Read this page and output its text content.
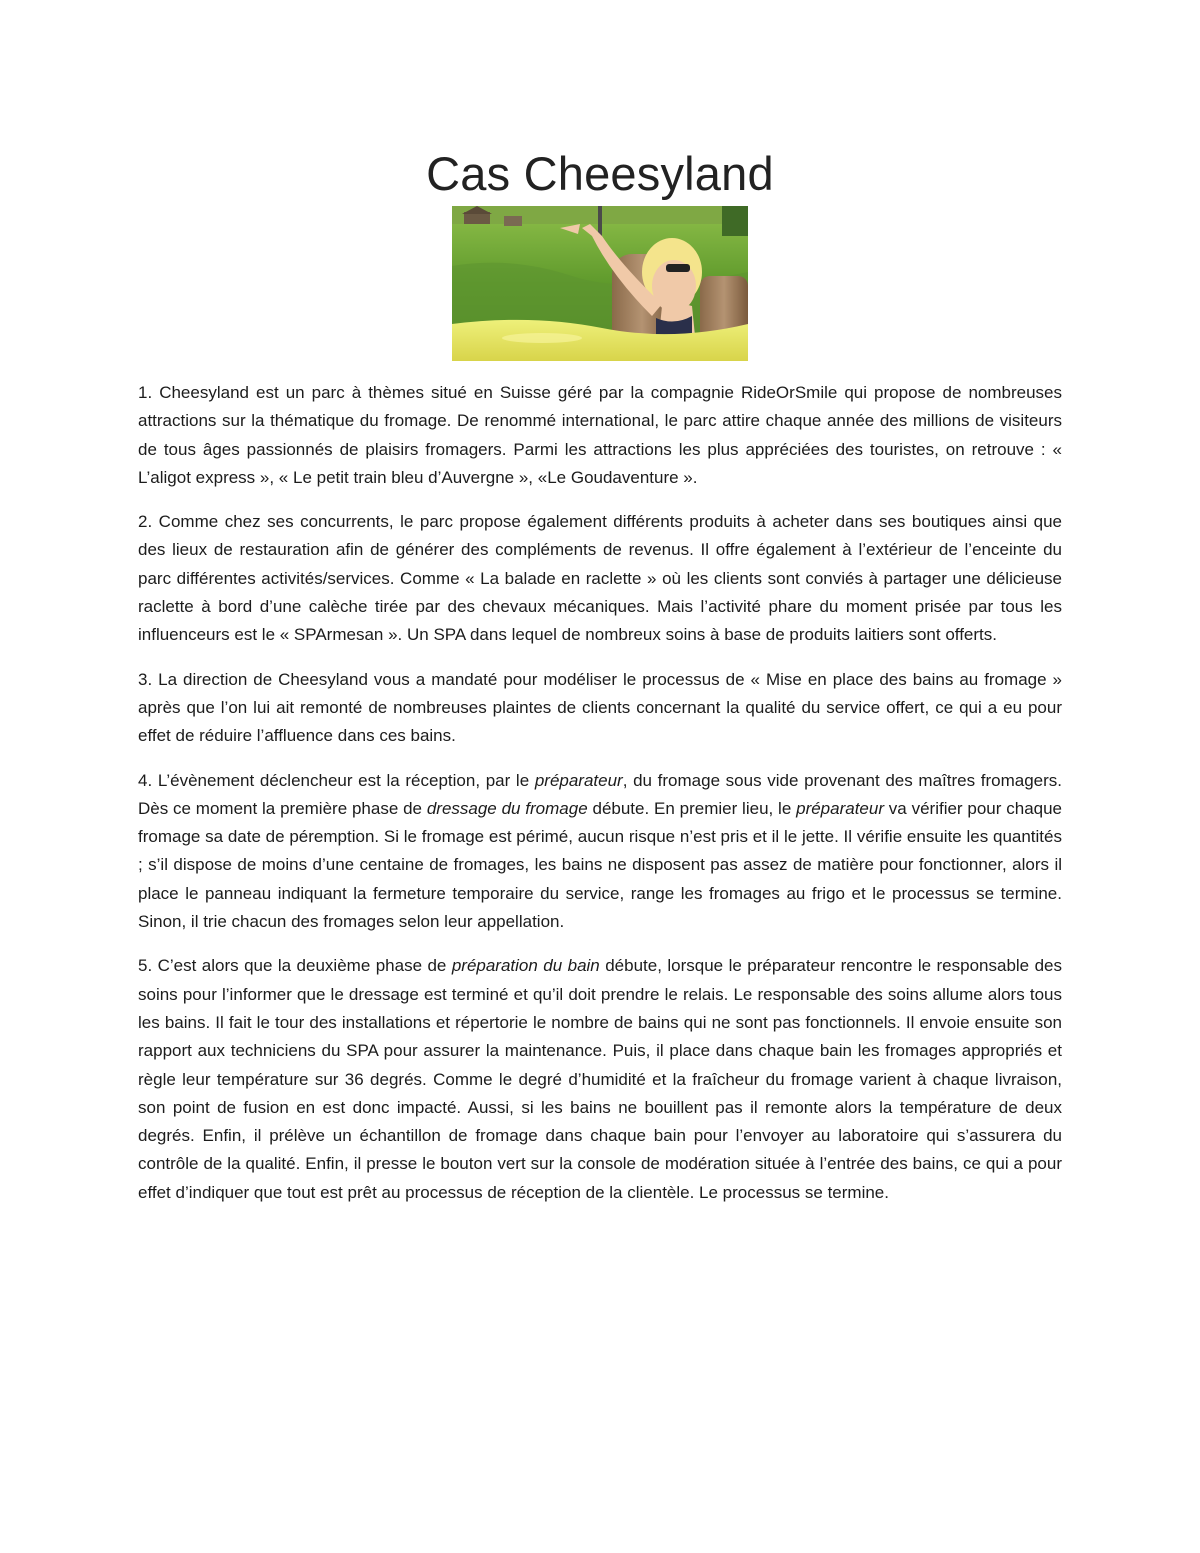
Cas Cheesyland

1. Cheesyland est un parc à thèmes situé en Suisse géré par la compagnie RideOrSmile qui propose de nombreuses attractions sur la thématique du fromage. De renommé international, le parc attire chaque année des millions de visiteurs de tous âges passionnés de plaisirs fromagers. Parmi les attractions les plus appréciées des touristes, on retrouve : « L’aligot express », « Le petit train bleu d’Auvergne », «Le Goudaventure ».

2. Comme chez ses concurrents, le parc propose également différents produits à acheter dans ses boutiques ainsi que des lieux de restauration afin de générer des compléments de revenus. Il offre également à l’extérieur de l’enceinte du parc différentes activités/services. Comme « La balade en raclette » où les clients sont conviés à partager une délicieuse raclette à bord d’une calèche tirée par des chevaux mécaniques. Mais l’activité phare du moment prisée par tous les influenceurs est le « SPArmesan ». Un SPA dans lequel de nombreux soins à base de produits laitiers sont offerts.

3. La direction de Cheesyland vous a mandaté pour modéliser le processus de « Mise en place des bains au fromage » après que l’on lui ait remonté de nombreuses plaintes de clients concernant la qualité du service offert, ce qui a eu pour effet de réduire l’affluence dans ces bains.

4. L’évènement déclencheur est la réception, par le préparateur, du fromage sous vide provenant des maîtres fromagers. Dès ce moment la première phase de dressage du fromage débute. En premier lieu, le préparateur va vérifier pour chaque fromage sa date de péremption. Si le fromage est périmé, aucun risque n’est pris et il le jette. Il vérifie ensuite les quantités ; s’il dispose de moins d’une centaine de fromages, les bains ne disposent pas assez de matière pour fonctionner, alors il place le panneau indiquant la fermeture temporaire du service, range les fromages au frigo et le processus se termine. Sinon, il trie chacun des fromages selon leur appellation.

5. C’est alors que la deuxième phase de préparation du bain débute, lorsque le préparateur rencontre le responsable des soins pour l’informer que le dressage est terminé et qu’il doit prendre le relais. Le responsable des soins allume alors tous les bains. Il fait le tour des installations et répertorie le nombre de bains qui ne sont pas fonctionnels. Il envoie ensuite son rapport aux techniciens du SPA pour assurer la maintenance. Puis, il place dans chaque bain les fromages appropriés et règle leur température sur 36 degrés. Comme le degré d’humidité et la fraîcheur du fromage varient à chaque livraison, son point de fusion en est donc impacté. Aussi, si les bains ne bouillent pas il remonte alors la température de deux degrés. Enfin, il prélève un échantillon de fromage dans chaque bain pour l’envoyer au laboratoire qui s’assurera du contrôle de la qualité. Enfin, il presse le bouton vert sur la console de modération située à l’entrée des bains, ce qui a pour effet d’indiquer que tout est prêt au processus de réception de la clientèle. Le processus se termine.
